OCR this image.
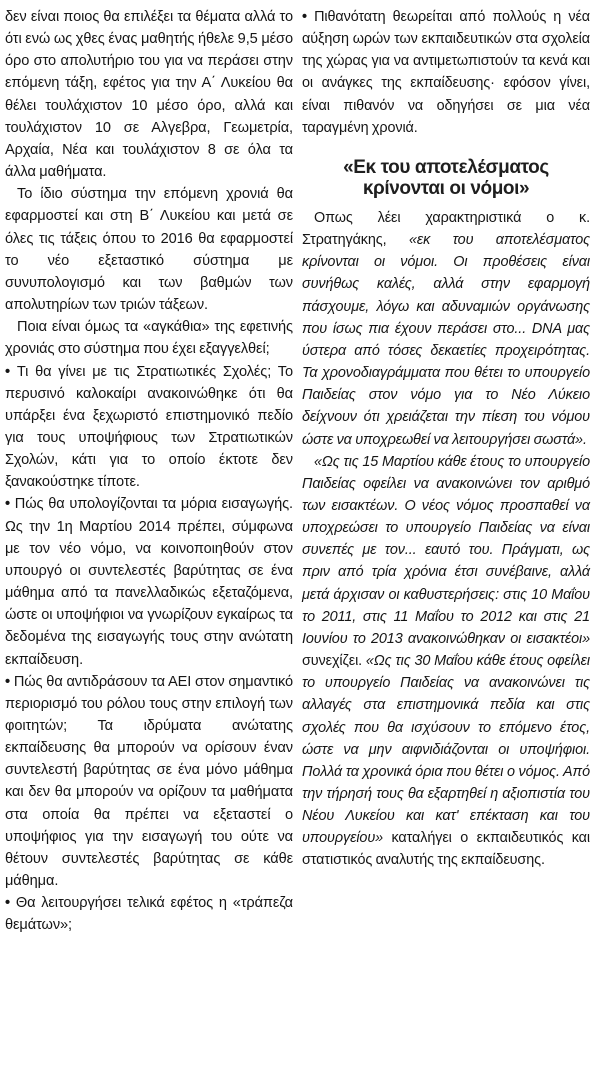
δεν είναι ποιος θα επιλέξει τα θέματα αλλά το ότι ενώ ως χθες ένας μαθητής ήθελε 9,5 μέσο όρο στο απολυτήριο του για να περάσει στην επόμενη τάξη, εφέτος για την Α΄ Λυκείου θα θέλει τουλάχιστον 10 μέσο όρο, αλλά και τουλάχιστον 10 σε Αλγεβρα, Γεωμετρία, Αρχαία, Νέα και τουλάχιστον 8 σε όλα τα άλλα μαθήματα.

Το ίδιο σύστημα την επόμενη χρονιά θα εφαρμοστεί και στη Β΄ Λυκείου και μετά σε όλες τις τάξεις όπου το 2016 θα εφαρμοστεί το νέο εξεταστικό σύστημα με συνυπολογισμό και των βαθμών των απολυτηρίων των τριών τάξεων.

Ποια είναι όμως τα «αγκάθια» της εφετινής χρονιάς στο σύστημα που έχει εξαγγελθεί;

• Τι θα γίνει με τις Στρατιωτικές Σχολές; Το περυσινό καλοκαίρι ανακοινώθηκε ότι θα υπάρξει ένα ξεχωριστό επιστημονικό πεδίο για τους υποψήφιους των Στρατιωτικών Σχολών, κάτι για το οποίο έκτοτε δεν ξανακούστηκε τίποτε.

• Πώς θα υπολογίζονται τα μόρια εισαγωγής. Ως την 1η Μαρτίου 2014 πρέπει, σύμφωνα με τον νέο νόμο, να κοινοποιηθούν στον υπουργό οι συντελεστές βαρύτητας σε ένα μάθημα από τα πανελλαδικώς εξεταζόμενα, ώστε οι υποψήφιοι να γνωρίζουν εγκαίρως τα δεδομένα της εισαγωγής τους στην ανώτατη εκπαίδευση.

• Πώς θα αντιδράσουν τα ΑΕΙ στον σημαντικό περιορισμό του ρόλου τους στην επιλογή των φοιτητών; Τα ιδρύματα ανώτατης εκπαίδευσης θα μπορούν να ορίσουν έναν συντελεστή βαρύτητας σε ένα μόνο μάθημα και δεν θα μπορούν να ορίζουν τα μαθήματα στα οποία θα πρέπει να εξεταστεί ο υποψήφιος για την εισαγωγή του ούτε να θέτουν συντελεστές βαρύτητας σε κάθε μάθημα.

• Θα λειτουργήσει τελικά εφέτος η «τράπεζα θεμάτων»;

• Πιθανότατη θεωρείται από πολλούς η νέα αύξηση ωρών των εκπαιδευτικών στα σχολεία της χώρας για να αντιμετωπιστούν τα κενά και οι ανάγκες της εκπαίδευσης· εφόσον γίνει, είναι πιθανόν να οδηγήσει σε μια νέα ταραγμένη χρονιά.

«Εκ του αποτελέσματος κρίνονται οι νόμοι»

Οπως λέει χαρακτηριστικά ο κ. Στρατηγάκης, «εκ του αποτελέσματος κρίνονται οι νόμοι. Οι προθέσεις είναι συνήθως καλές, αλλά στην εφαρμογή πάσχουμε, λόγω και αδυναμιών οργάνωσης που ίσως πια έχουν περάσει στο... DNA μας ύστερα από τόσες δεκαετίες προχειρότητας. Τα χρονοδιαγράμματα που θέτει το υπουργείο Παιδείας στον νόμο για το Νέο Λύκειο δείχνουν ότι χρειάζεται την πίεση του νόμου ώστε να υποχρεωθεί να λειτουργήσει σωστά».

«Ως τις 15 Μαρτίου κάθε έτους το υπουργείο Παιδείας οφείλει να ανακοινώνει τον αριθμό των εισακτέων. Ο νέος νόμος προσπαθεί να υποχρεώσει το υπουργείο Παιδείας να είναι συνεπές με τον... εαυτό του. Πράγματι, ως πριν από τρία χρόνια έτσι συνέβαινε, αλλά μετά άρχισαν οι καθυστερήσεις: στις 10 Μαΐου το 2011, στις 11 Μαΐου το 2012 και στις 21 Ιουνίου το 2013 ανακοινώθηκαν οι εισακτέοι» συνεχίζει. «Ως τις 30 Μαΐου κάθε έτους οφείλει το υπουργείο Παιδείας να ανακοινώνει τις αλλαγές στα επιστημονικά πεδία και στις σχολές που θα ισχύσουν το επόμενο έτος, ώστε να μην αιφνιδιάζονται οι υποψήφιοι. Πολλά τα χρονικά όρια που θέτει ο νόμος. Από την τήρησή τους θα εξαρτηθεί η αξιοπιστία του Νέου Λυκείου και κατ' επέκταση και του υπουργείου» καταλήγει ο εκπαιδευτικός και στατιστικός αναλυτής της εκπαίδευσης.
